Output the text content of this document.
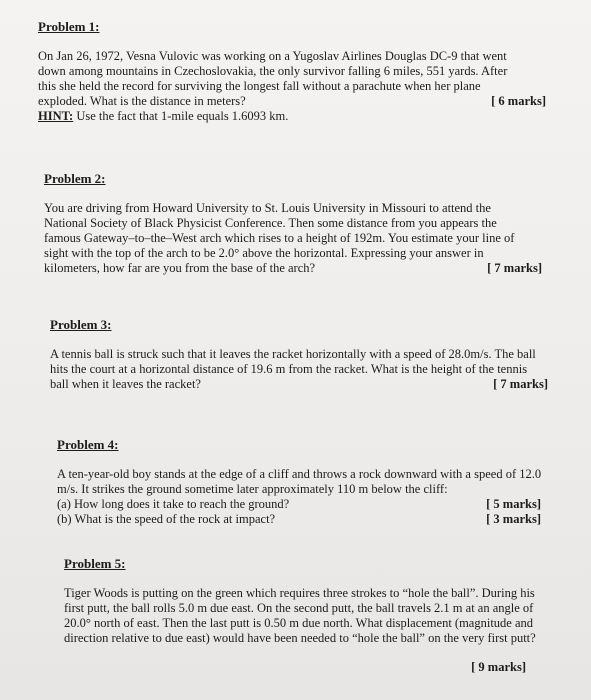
Problem 1:
On Jan 26, 1972, Vesna Vulovic was working on a Yugoslav Airlines Douglas DC-9 that went
down among mountains in Czechoslovakia, the only survivor falling 6 miles, 551 yards. After
this she held the record for surviving the longest fall without a parachute when her plane
exploded. What is the distance in meters?	[ 6 marks]
HINT: Use the fact that 1-mile equals 1.6093 km.
Problem 2:
You are driving from Howard University to St. Louis University in Missouri to attend the
National Society of Black Physicist Conference. Then some distance from you appears the
famous Gateway–to–the–West arch which rises to a height of 192m. You estimate your line of
sight with the top of the arch to be 2.0° above the horizontal. Expressing your answer in
kilometers, how far are you from the base of the arch?	[ 7 marks]
Problem 3:
A tennis ball is struck such that it leaves the racket horizontally with a speed of 28.0m/s. The ball
hits the court at a horizontal distance of 19.6 m from the racket. What is the height of the tennis
ball when it leaves the racket?	[ 7 marks]
Problem 4:
A ten-year-old boy stands at the edge of a cliff and throws a rock downward with a speed of 12.0
m/s. It strikes the ground sometime later approximately 110 m below the cliff:
(a) How long does it take to reach the ground?	[ 5 marks]
(b) What is the speed of the rock at impact?	[ 3 marks]
Problem 5:
Tiger Woods is putting on the green which requires three strokes to “hole the ball”. During his
first putt, the ball rolls 5.0 m due east. On the second putt, the ball travels 2.1 m at an angle of
20.0° north of east. Then the last putt is 0.50 m due north. What displacement (magnitude and
direction relative to due east) would have been needed to “hole the ball” on the very first putt?
[ 9 marks]
